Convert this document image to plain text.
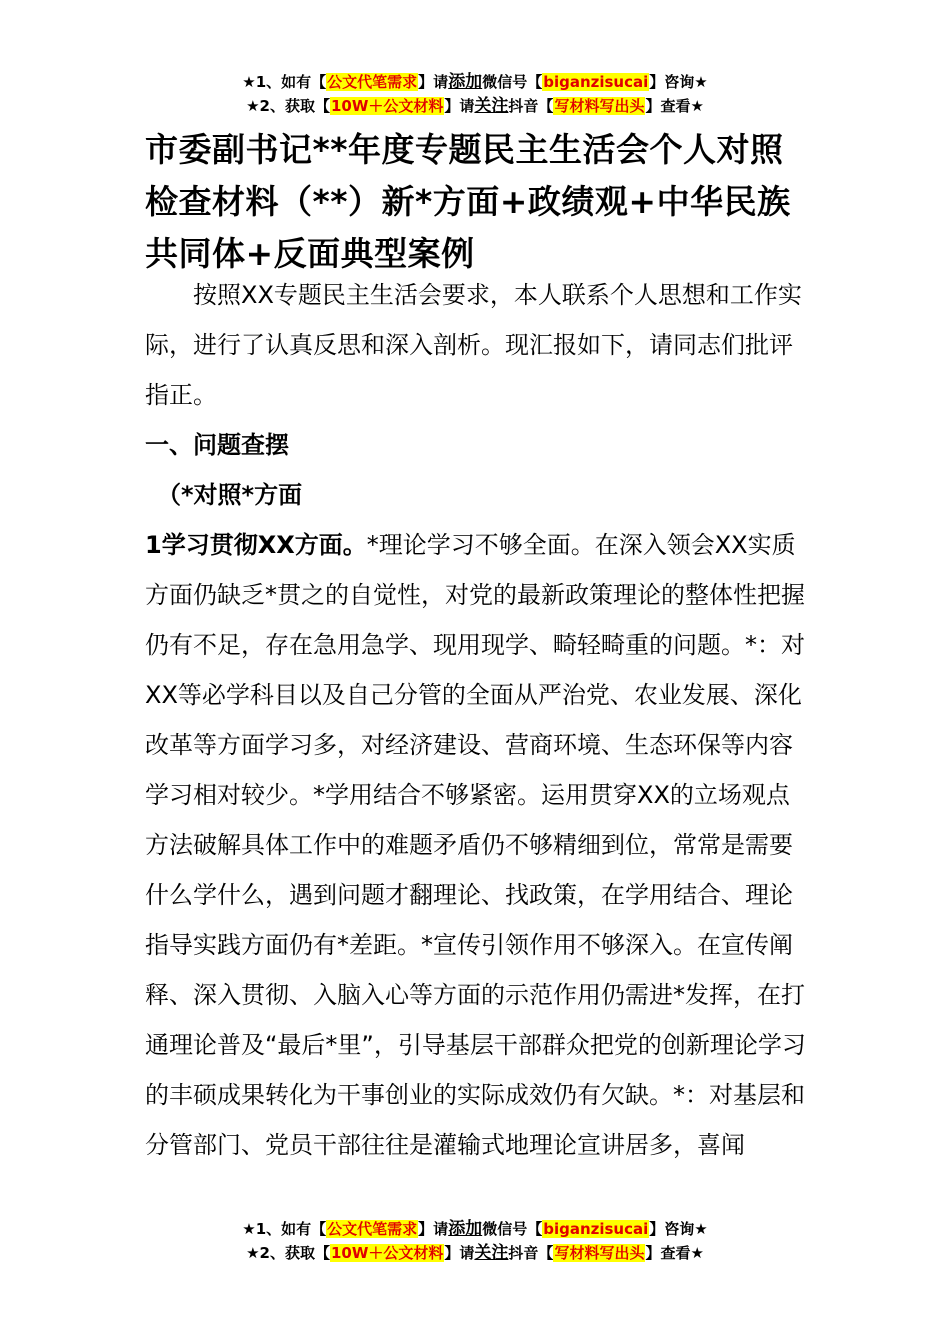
★1、如有【公文代笔需求】请添加微信号【biganzisucai】咨询★
★2、获取【10W＋公文材料】请关注抖音【写材料写出头】查看★
市委副书记**年度专题民主生活会个人对照检查材料（**）新*方面+政绩观+中华民族共同体+反面典型案例

按照XX专题民主生活会要求，本人联系个人思想和工作实际，进行了认真反思和深入剖析。现汇报如下，请同志们批评指正。

一、问题查摆

（*对照*方面

1学习贯彻XX方面。*理论学习不够全面。在深入领会XX实质方面仍缺乏*贯之的自觉性，对党的最新政策理论的整体性把握仍有不足，存在急用急学、现用现学、畸轻畸重的问题。*：对XX等必学科目以及自己分管的全面从严治党、农业发展、深化改革等方面学习多，对经济建设、营商环境、生态环保等内容学习相对较少。*学用结合不够紧密。运用贯穿XX的立场观点方法破解具体工作中的难题矛盾仍不够精细到位，常常是需要什么学什么，遇到问题才翻理论、找政策，在学用结合、理论指导实践方面仍有*差距。*宣传引领作用不够深入。在宣传阐释、深入贯彻、入脑入心等方面的示范作用仍需进*发挥，在打通理论普及“最后*里”，引导基层干部群众把党的创新理论学习的丰硕成果转化为干事创业的实际成效仍有欠缺。*：对基层和分管部门、党员干部往往是灌输式地理论宣讲居多，喜闻

★1、如有【公文代笔需求】请添加微信号【biganzisucai】咨询★
★2、获取【10W＋公文材料】请关注抖音【写材料写出头】查看★
